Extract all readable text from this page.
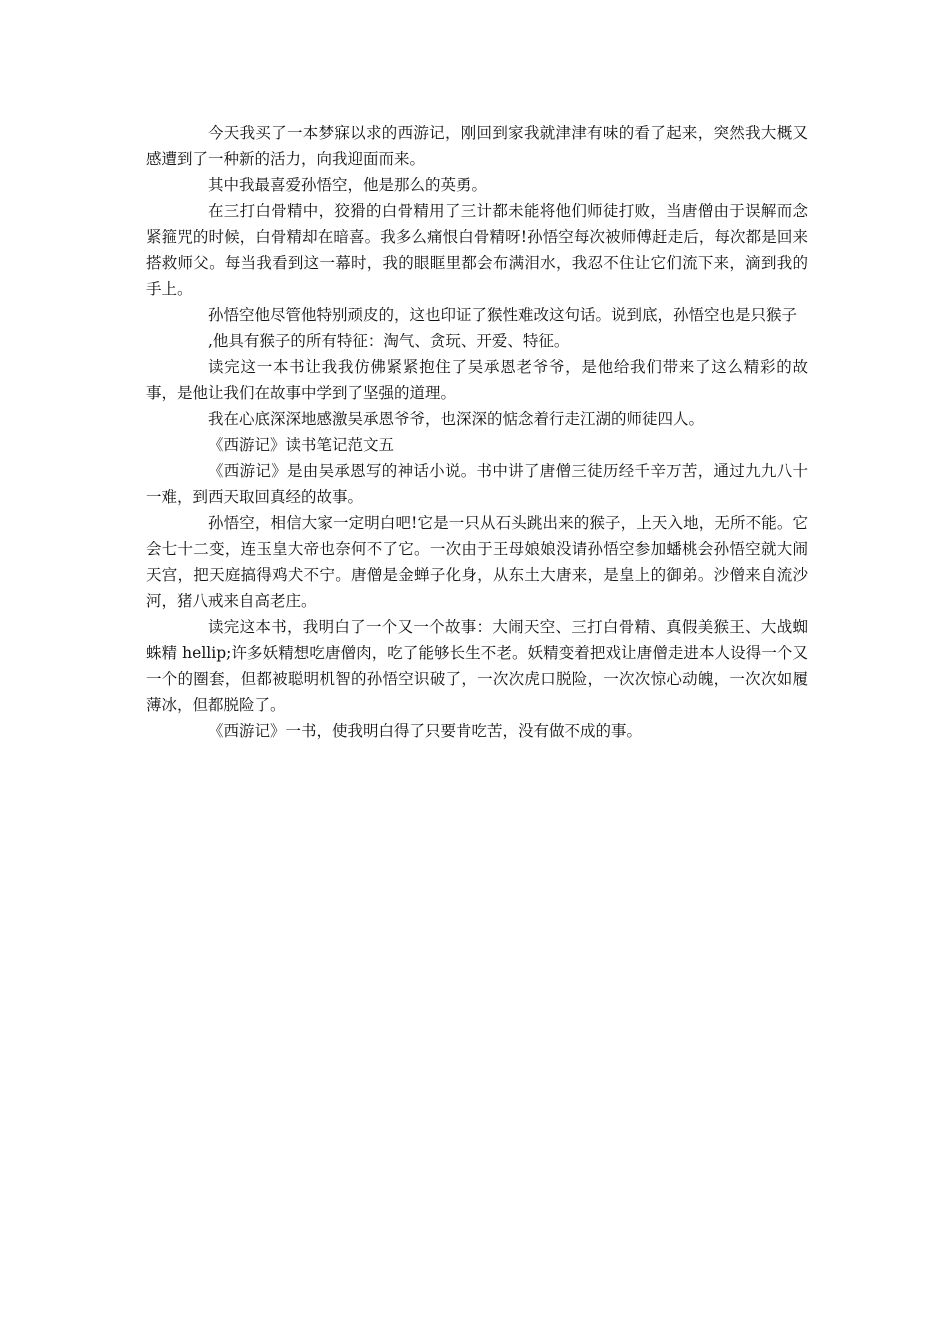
今天我买了一本梦寐以求的西游记，刚回到家我就津津有味的看了起来，突然我大概又感遭到了一种新的活力，向我迎面而来。

其中我最喜爱孙悟空，他是那么的英勇。

在三打白骨精中，狡猾的白骨精用了三计都未能将他们师徒打败，当唐僧由于误解而念紧箍咒的时候，白骨精却在暗喜。我多么痛恨白骨精呀!孙悟空每次被师傅赶走后，每次都是回来搭救师父。每当我看到这一幕时，我的眼眶里都会布满泪水，我忍不住让它们流下来，滴到我的手上。

孙悟空他尽管他特别顽皮的，这也印证了猴性难改这句话。说到底，孙悟空也是只猴子

,他具有猴子的所有特征：淘气、贪玩、开爱、特征。

读完这一本书让我我仿佛紧紧抱住了吴承恩老爷爷，是他给我们带来了这么精彩的故事，是他让我们在故事中学到了坚强的道理。

我在心底深深地感激吴承恩爷爷，也深深的惦念着行走江湖的师徒四人。

《西游记》读书笔记范文五

《西游记》是由吴承恩写的神话小说。书中讲了唐僧三徒历经千辛万苦，通过九九八十一难，到西天取回真经的故事。

孙悟空，相信大家一定明白吧!它是一只从石头跳出来的猴子，上天入地，无所不能。它会七十二变，连玉皇大帝也奈何不了它。一次由于王母娘娘没请孙悟空参加蟠桃会孙悟空就大闹天宫，把天庭搞得鸡犬不宁。唐僧是金蝉子化身，从东土大唐来，是皇上的御弟。沙僧来自流沙河，猪八戒来自高老庄。

读完这本书，我明白了一个又一个故事：大闹天空、三打白骨精、真假美猴王、大战蜘蛛精 hellip;许多妖精想吃唐僧肉，吃了能够长生不老。妖精变着把戏让唐僧走进本人设得一个又一个的圈套，但都被聪明机智的孙悟空识破了，一次次虎口脱险，一次次惊心动魄，一次次如履薄冰，但都脱险了。

《西游记》一书，使我明白得了只要肯吃苦，没有做不成的事。
